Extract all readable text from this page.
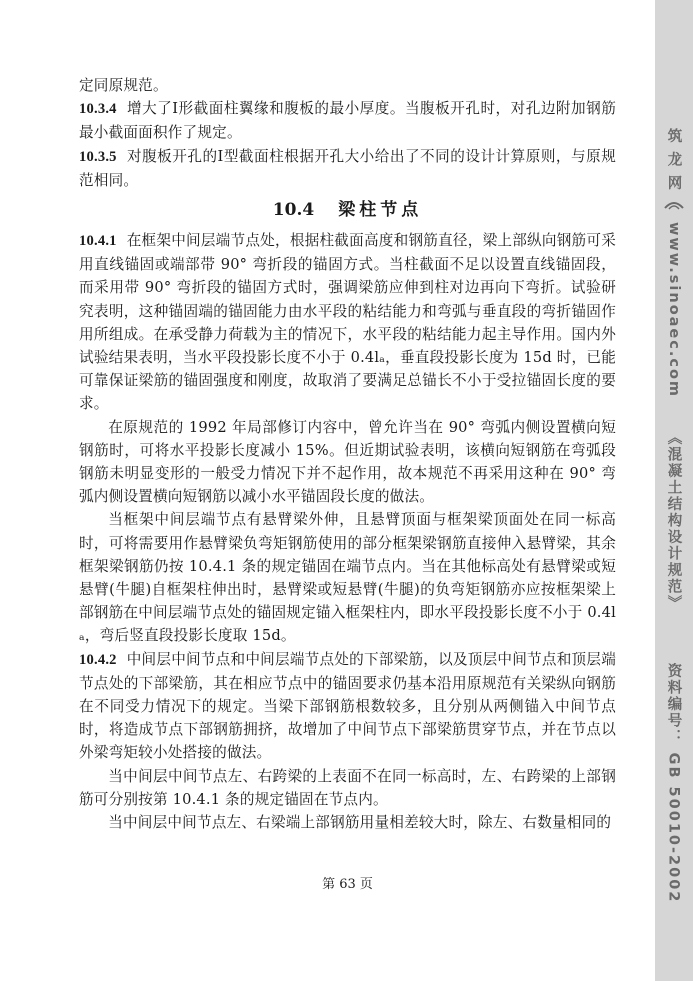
定同原规范。

10.3.4 增大了Ⅰ形截面柱翼缘和腹板的最小厚度。当腹板开孔时，对孔边附加钢筋最小截面面积作了规定。

10.3.5 对腹板开孔的Ⅰ型截面柱根据开孔大小给出了不同的设计计算原则，与原规范相同。

10.4 梁柱节点

10.4.1 在框架中间层端节点处，根据柱截面高度和钢筋直径，梁上部纵向钢筋可采用直线锚固或端部带 90° 弯折段的锚固方式。当柱截面不足以设置直线锚固段，而采用带 90° 弯折段的锚固方式时，强调梁筋应伸到柱对边再向下弯折。试验研究表明，这种锚固端的锚固能力由水平段的粘结能力和弯弧与垂直段的弯折锚固作用所组成。在承受静力荷载为主的情况下，水平段的粘结能力起主导作用。国内外试验结果表明，当水平段投影长度不小于 0.4lₐ，垂直段投影长度为 15d 时，已能可靠保证梁筋的锚固强度和刚度，故取消了要满足总锚长不小于受拉锚固长度的要求。

在原规范的 1992 年局部修订内容中，曾允许当在 90° 弯弧内侧设置横向短钢筋时，可将水平投影长度减小 15%。但近期试验表明，该横向短钢筋在弯弧段钢筋未明显变形的一般受力情况下并不起作用，故本规范不再采用这种在 90° 弯弧内侧设置横向短钢筋以减小水平锚固段长度的做法。

当框架中间层端节点有悬臂梁外伸，且悬臂顶面与框架梁顶面处在同一标高时，可将需要用作悬臂梁负弯矩钢筋使用的部分框架梁钢筋直接伸入悬臂梁，其余框架梁钢筋仍按 10.4.1 条的规定锚固在端节点内。当在其他标高处有悬臂梁或短悬臂(牛腿)自框架柱伸出时，悬臂梁或短悬臂(牛腿)的负弯矩钢筋亦应按框架梁上部钢筋在中间层端节点处的锚固规定锚入框架柱内，即水平段投影长度不小于 0.4lₐ，弯后竖直段投影长度取 15d。

10.4.2 中间层中间节点和中间层端节点处的下部梁筋，以及顶层中间节点和顶层端节点处的下部梁筋，其在相应节点中的锚固要求仍基本沿用原规范有关梁纵向钢筋在不同受力情况下的规定。当梁下部钢筋根数较多，且分别从两侧锚入中间节点时，将造成节点下部钢筋拥挤，故增加了中间节点下部梁筋贯穿节点，并在节点以外梁弯矩较小处搭接的做法。

当中间层中间节点左、右跨梁的上表面不在同一标高时，左、右跨梁的上部钢筋可分别按第 10.4.1 条的规定锚固在节点内。

当中间层中间节点左、右梁端上部钢筋用量相差较大时，除左、右数量相同的

第 63 页
筑 龙 网
www.sinoaec.com
《混凝土结构设计规范》
资料编号： GB 50010-2002
